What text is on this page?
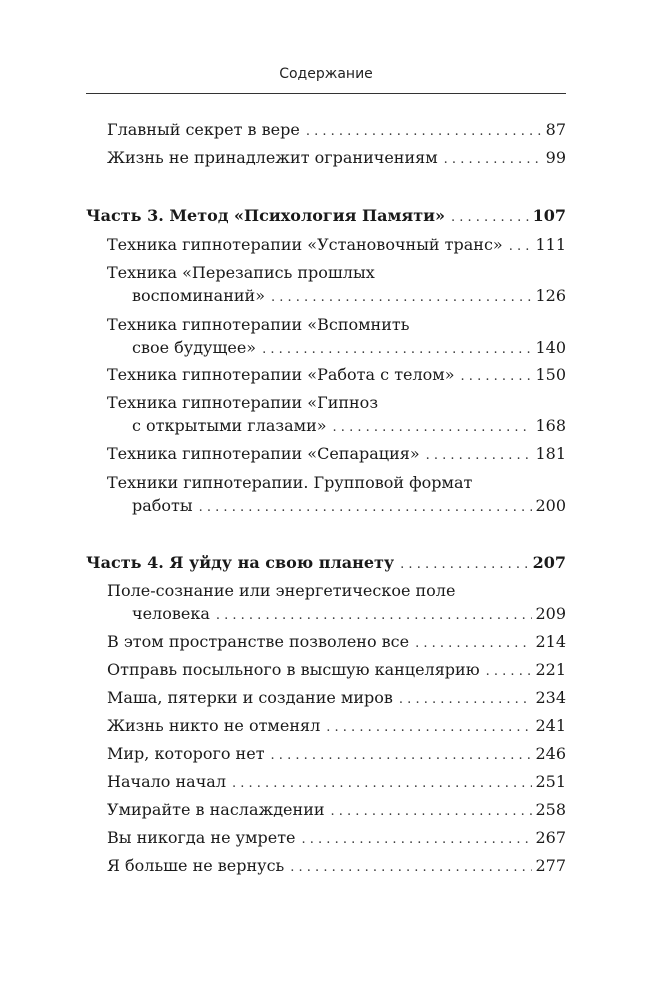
Содержание
Главный секрет в вере . . .	87
Жизнь не принадлежит ограничениям . . .	99
Часть 3. Метод «Психология Памяти» . . .	107
Техника гипнотерапии «Установочный транс» . . . 111
Техника «Перезапись прошлых
воспоминаний» . . .	126
Техника гипнотерапии «Вспомнить
свое будущее» . . .	140
Техника гипнотерапии «Работа с телом» . . .	150
Техника гипнотерапии «Гипноз
с открытыми глазами» . . .	168
Техника гипнотерапии «Сепарация» . . .	181
Техники гипнотерапии. Групповой формат
работы . . .	200
Часть 4. Я уйду на свою планету . . .	207
Поле-сознание или энергетическое поле
человека . . .	209
В этом пространстве позволено все . . .	214
Отправь посыльного в высшую канцелярию . . .	221
Маша, пятерки и создание миров . . .	234
Жизнь никто не отменял . . .	241
Мир, которого нет . . .	246
Начало начал . . .	251
Умирайте в наслаждении . . .	258
Вы никогда не умрете . . .	267
Я больше не вернусь . . .	277
